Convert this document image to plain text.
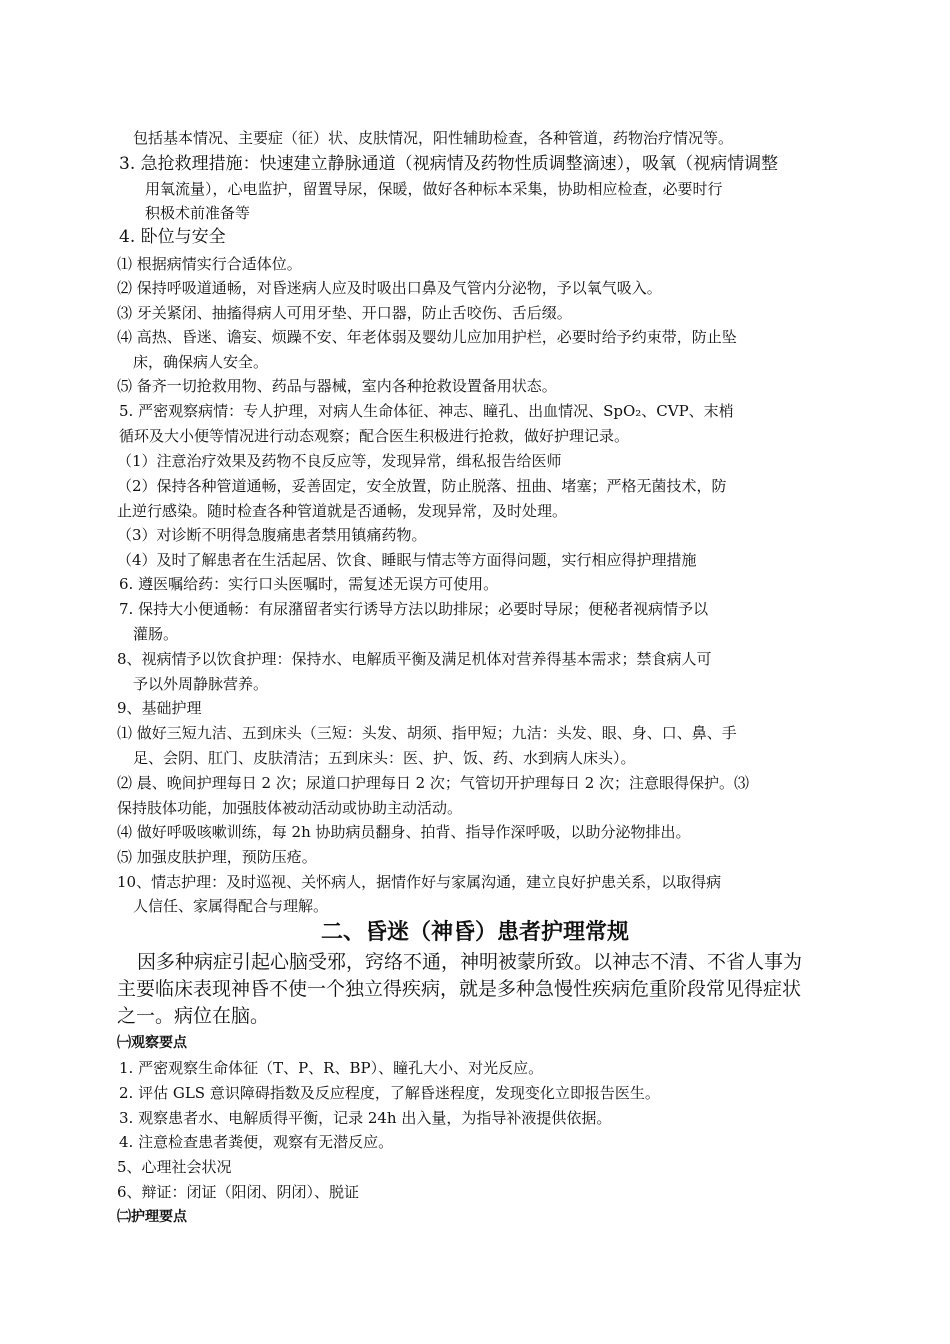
包括基本情况、主要症（征）状、皮肤情况，阳性辅助检查，各种管道，药物治疗情况等。
3. 急抢救理措施：快速建立静脉通道（视病情及药物性质调整滴速），吸氧（视病情调整
用氧流量），心电监护，留置导尿，保暖，做好各种标本采集，协助相应检查，必要时行
积极术前准备等
4. 卧位与安全
⑴ 根据病情实行合适体位。
⑵ 保持呼吸道通畅，对昏迷病人应及时吸出口鼻及气管内分泌物，予以氧气吸入。
⑶ 牙关紧闭、抽搐得病人可用牙垫、开口器，防止舌咬伤、舌后缀。
⑷ 高热、昏迷、谵妄、烦躁不安、年老体弱及婴幼儿应加用护栏，必要时给予约束带，防止坠
床，确保病人安全。
⑸ 备齐一切抢救用物、药品与器械，室内各种抢救设置备用状态。
5. 严密观察病情：专人护理，对病人生命体征、神志、瞳孔、出血情况、SpO₂、CVP、末梢
循环及大小便等情况进行动态观察；配合医生积极进行抢救，做好护理记录。
（1）注意治疗效果及药物不良反应等，发现异常，缉私报告给医师
（2）保持各种管道通畅，妥善固定，安全放置，防止脱落、扭曲、堵塞；严格无菌技术，防
止逆行感染。随时检查各种管道就是否通畅，发现异常，及时处理。
（3）对诊断不明得急腹痛患者禁用镇痛药物。
（4）及时了解患者在生活起居、饮食、睡眠与情志等方面得问题，实行相应得护理措施
6. 遵医嘱给药：实行口头医嘱时，需复述无误方可使用。
7. 保持大小便通畅：有尿潴留者实行诱导方法以助排尿；必要时导尿；便秘者视病情予以
灌肠。
8、视病情予以饮食护理：保持水、电解质平衡及满足机体对营养得基本需求；禁食病人可
予以外周静脉营养。
9、基础护理
⑴ 做好三短九洁、五到床头（三短：头发、胡须、指甲短；九洁：头发、眼、身、口、鼻、手
足、会阴、肛门、皮肤清洁；五到床头：医、护、饭、药、水到病人床头）。
⑵ 晨、晚间护理每日 2 次；尿道口护理每日 2 次；气管切开护理每日 2 次；注意眼得保护。⑶
保持肢体功能，加强肢体被动活动或协助主动活动。
⑷ 做好呼吸咳嗽训练，每 2h 协助病员翻身、拍背、指导作深呼吸，以助分泌物排出。
⑸ 加强皮肤护理，预防压疮。
10、情志护理：及时巡视、关怀病人，据情作好与家属沟通，建立良好护患关系，以取得病
人信任、家属得配合与理解。
二、昏迷（神昏）患者护理常规
因多种病症引起心脑受邪，窍络不通，神明被蒙所致。以神志不清、不省人事为
主要临床表现神昏不使一个独立得疾病，就是多种急慢性疾病危重阶段常见得症状
之一。病位在脑。
㈠观察要点
1. 严密观察生命体征（T、P、R、BP）、瞳孔大小、对光反应。
2. 评估 GLS 意识障碍指数及反应程度，了解昏迷程度，发现变化立即报告医生。
3. 观察患者水、电解质得平衡，记录 24h 出入量，为指导补液提供依据。
4. 注意检查患者粪便，观察有无潜反应。
5、心理社会状况
6、辩证：闭证（阳闭、阴闭）、脱证
㈡护理要点
